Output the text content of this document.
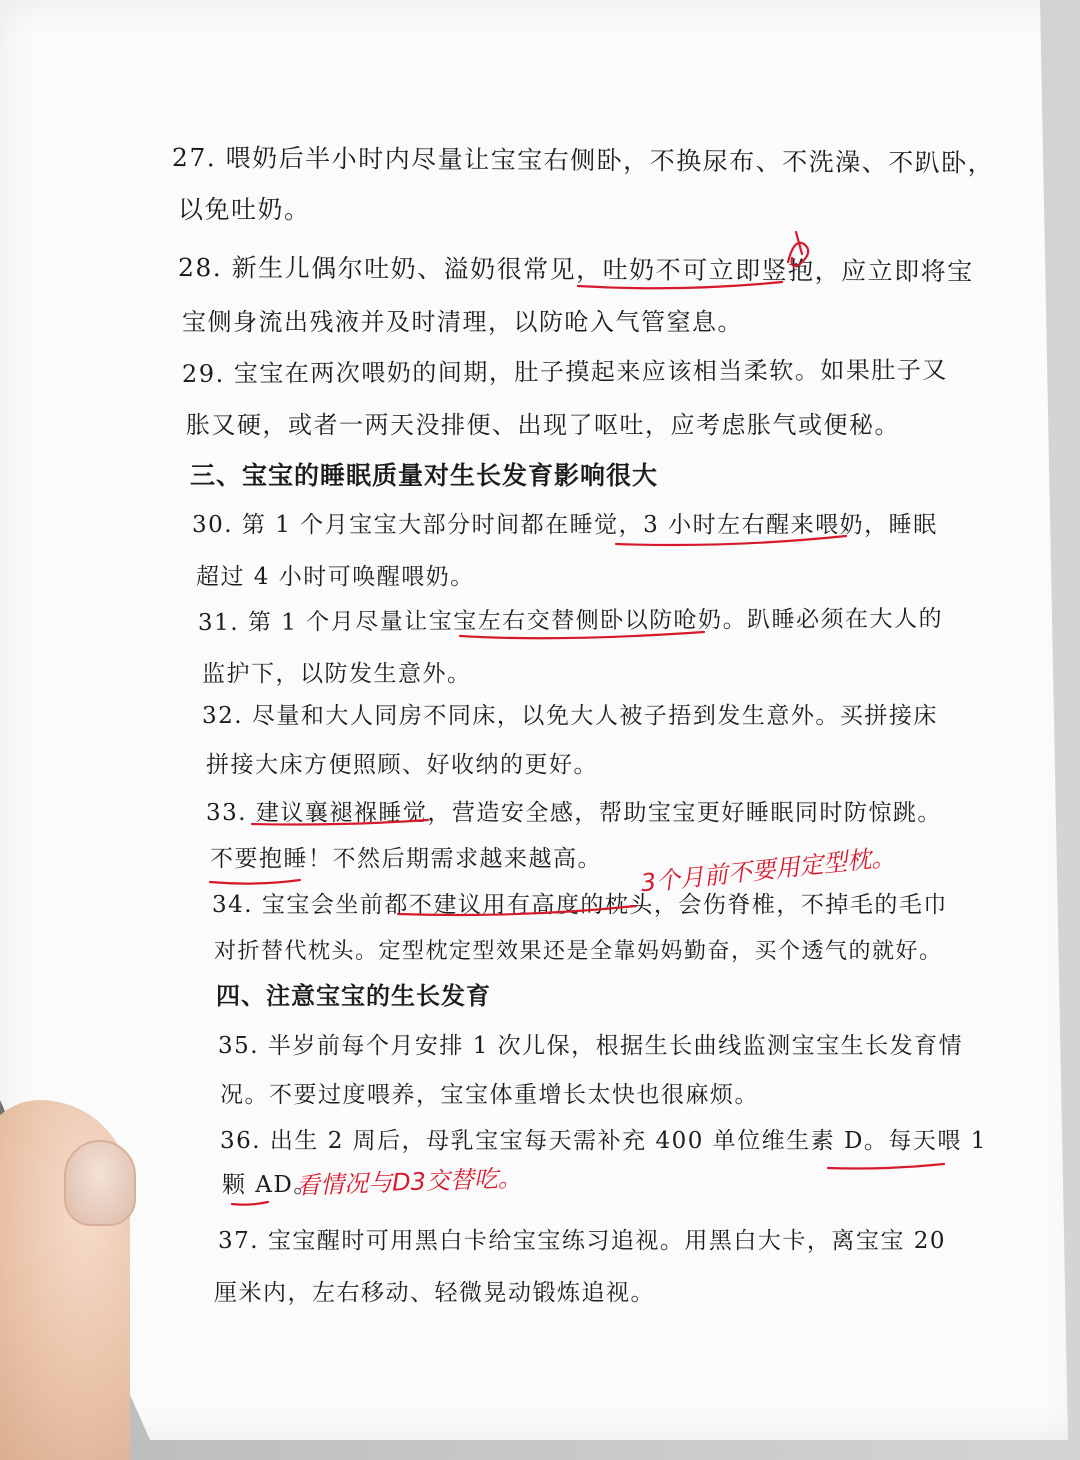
27. 喂奶后半小时内尽量让宝宝右侧卧，不换尿布、不洗澡、不趴卧，
以免吐奶。
28. 新生儿偶尔吐奶、溢奶很常见，吐奶不可立即竖抱，应立即将宝
宝侧身流出残液并及时清理，以防呛入气管窒息。
29. 宝宝在两次喂奶的间期，肚子摸起来应该相当柔软。如果肚子又
胀又硬，或者一两天没排便、出现了呕吐，应考虑胀气或便秘。
三、宝宝的睡眠质量对生长发育影响很大
30. 第 1 个月宝宝大部分时间都在睡觉，3 小时左右醒来喂奶，睡眠
超过 4 小时可唤醒喂奶。
31. 第 1 个月尽量让宝宝左右交替侧卧以防呛奶。趴睡必须在大人的
监护下，以防发生意外。
32. 尽量和大人同房不同床，以免大人被子捂到发生意外。买拼接床
拼接大床方便照顾、好收纳的更好。
33. 建议襄褪褓睡觉，营造安全感，帮助宝宝更好睡眠同时防惊跳。
不要抱睡！不然后期需求越来越高。
34. 宝宝会坐前都不建议用有高度的枕头，会伤脊椎，不掉毛的毛巾
对折替代枕头。定型枕定型效果还是全靠妈妈勤奋，买个透气的就好。
四、注意宝宝的生长发育
35. 半岁前每个月安排 1 次儿保，根据生长曲线监测宝宝生长发育情
况。不要过度喂养，宝宝体重增长太快也很麻烦。
36. 出生 2 周后，母乳宝宝每天需补充 400 单位维生素 D。每天喂 1
颗 AD。
37. 宝宝醒时可用黑白卡给宝宝练习追视。用黑白大卡，离宝宝 20
厘米内，左右移动、轻微晃动锻炼追视。
3个月前不要用定型枕。
看情况与D3交替吃。
